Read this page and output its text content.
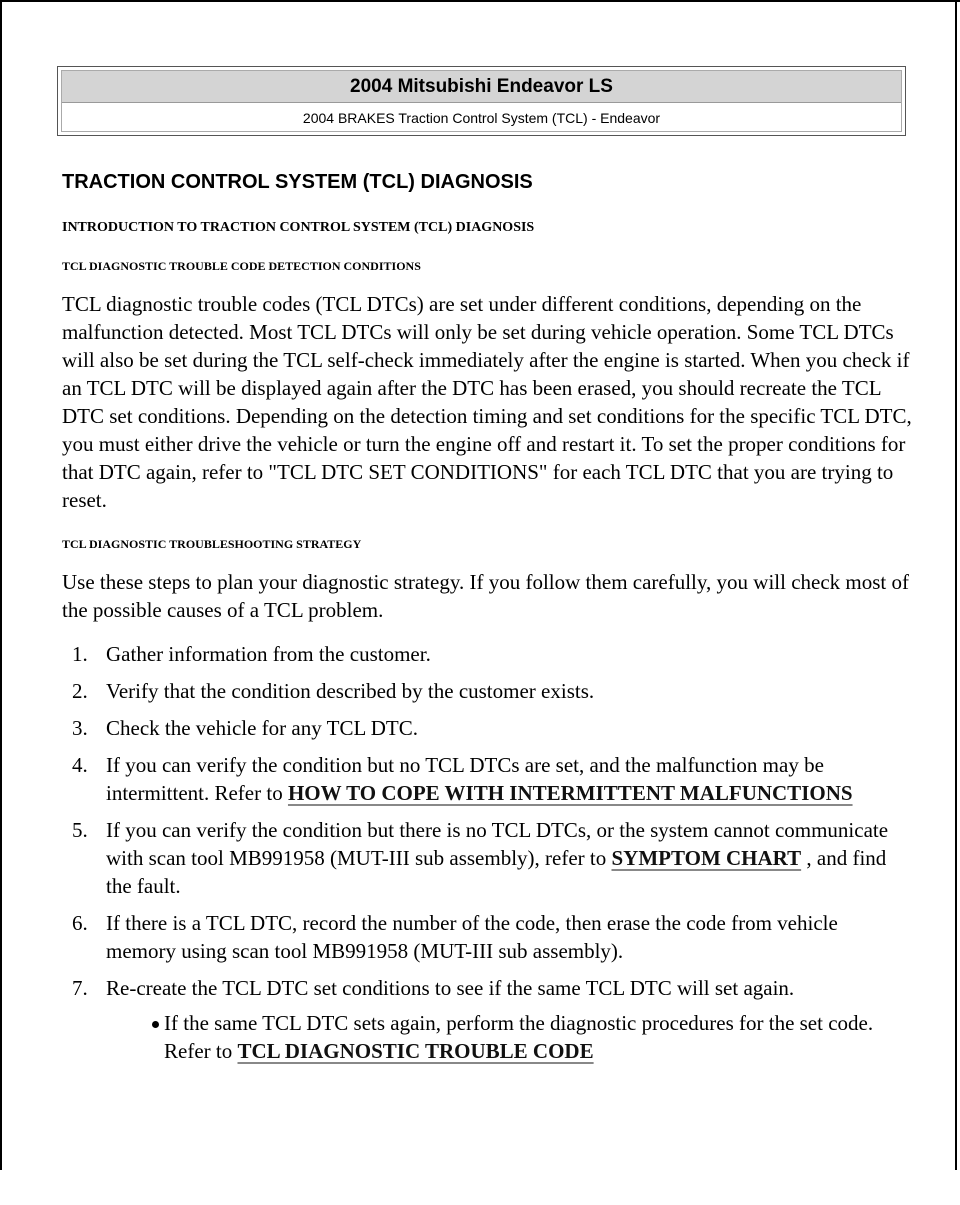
2004 Mitsubishi Endeavor LS
2004 BRAKES Traction Control System (TCL) - Endeavor
TRACTION CONTROL SYSTEM (TCL) DIAGNOSIS
INTRODUCTION TO TRACTION CONTROL SYSTEM (TCL) DIAGNOSIS
TCL DIAGNOSTIC TROUBLE CODE DETECTION CONDITIONS

TCL diagnostic trouble codes (TCL DTCs) are set under different conditions, depending on the malfunction detected. Most TCL DTCs will only be set during vehicle operation. Some TCL DTCs will also be set during the TCL self-check immediately after the engine is started. When you check if an TCL DTC will be displayed again after the DTC has been erased, you should recreate the TCL DTC set conditions. Depending on the detection timing and set conditions for the specific TCL DTC, you must either drive the vehicle or turn the engine off and restart it. To set the proper conditions for that DTC again, refer to "TCL DTC SET CONDITIONS" for each TCL DTC that you are trying to reset.

TCL DIAGNOSTIC TROUBLESHOOTING STRATEGY

Use these steps to plan your diagnostic strategy. If you follow them carefully, you will check most of the possible causes of a TCL problem.

1. Gather information from the customer.
2. Verify that the condition described by the customer exists.
3. Check the vehicle for any TCL DTC.
4. If you can verify the condition but no TCL DTCs are set, and the malfunction may be intermittent. Refer to HOW TO COPE WITH INTERMITTENT MALFUNCTIONS
5. If you can verify the condition but there is no TCL DTCs, or the system cannot communicate with scan tool MB991958 (MUT-III sub assembly), refer to SYMPTOM CHART , and find the fault.
6. If there is a TCL DTC, record the number of the code, then erase the code from vehicle memory using scan tool MB991958 (MUT-III sub assembly).
7. Re-create the TCL DTC set conditions to see if the same TCL DTC will set again.
If the same TCL DTC sets again, perform the diagnostic procedures for the set code. Refer to TCL DIAGNOSTIC TROUBLE CODE
